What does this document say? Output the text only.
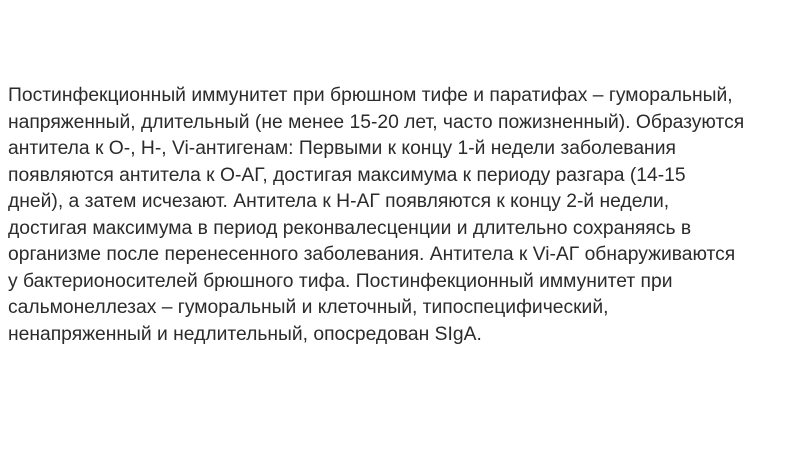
Постинфекционный иммунитет при брюшном тифе и паратифах – гуморальный,
напряженный, длительный (не менее 15-20 лет, часто пожизненный). Образуются
антитела к О-, Н-, Vi-антигенам: Первыми к концу 1-й недели заболевания
появляются антитела к О-АГ, достигая максимума к периоду разгара (14-15
дней), а затем исчезают. Антитела к Н-АГ появляются к концу 2-й недели,
достигая максимума в период реконвалесценции и длительно сохраняясь в
организме после перенесенного заболевания. Антитела к Vi-АГ обнаруживаются
у бактерионосителей брюшного тифа. Постинфекционный иммунитет при
сальмонеллезах – гуморальный и клеточный, типоспецифический,
ненапряженный и недлительный, опосредован SIgA.
